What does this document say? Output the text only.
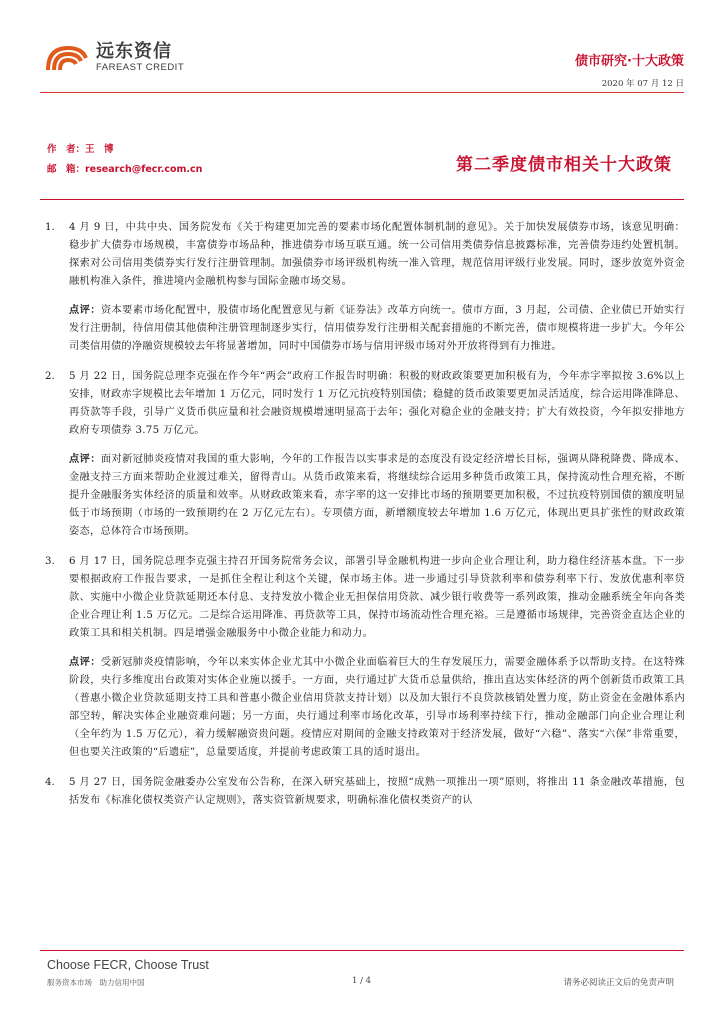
远东资信
FAREAST CREDIT	债市研究·十大政策
2020 年 07 月 12 日
作　者：王　博
邮　箱：research@fecr.com.cn	第二季度债市相关十大政策
1. 4 月 9 日，中共中央、国务院发布《关于构建更加完善的要素市场化配置体制机制的意见》。关于加快发展债券市场，该意见明确：稳步扩大债券市场规模，丰富债券市场品种，推进债券市场互联互通。统一公司信用类债券信息披露标准，完善债券违约处置机制。探索对公司信用类债券实行发行注册管理制。加强债券市场评级机构统一准入管理，规范信用评级行业发展。同时，逐步放宽外资金融机构准入条件，推进境内金融机构参与国际金融市场交易。
点评：资本要素市场化配置中，股债市场化配置意见与新《证券法》改革方向统一。债市方面，3 月起，公司债、企业债已开始实行发行注册制，待信用债其他债种注册管理制逐步实行，信用债券发行注册相关配套措施的不断完善，债市规模将进一步扩大。今年公司类信用债的净融资规模较去年将显著增加，同时中国债券市场与信用评级市场对外开放将得到有力推进。
2. 5 月 22 日，国务院总理李克强在作今年“两会”政府工作报告时明确：积极的财政政策要更加积极有为，今年赤字率拟按 3.6%以上安排，财政赤字规模比去年增加 1 万亿元，同时发行 1 万亿元抗疫特别国债；稳健的货币政策要更加灵活适度，综合运用降准降息、再贷款等手段，引导广义货币供应量和社会融资规模增速明显高于去年；强化对稳企业的金融支持；扩大有效投资，今年拟安排地方政府专项债券 3.75 万亿元。
点评：面对新冠肺炎疫情对我国的重大影响，今年的工作报告以实事求是的态度没有设定经济增长目标，强调从降税降费、降成本、金融支持三方面来帮助企业渡过难关，留得青山。从货币政策来看，将继续综合运用多种货币政策工具，保持流动性合理充裕，不断提升金融服务实体经济的质量和效率。从财政政策来看，赤字率的这一安排比市场的预期要更加积极，不过抗疫特别国债的额度明显低于市场预期（市场的一致预期约在 2 万亿元左右）。专项债方面，新增额度较去年增加 1.6 万亿元，体现出更具扩张性的财政政策姿态，总体符合市场预期。
3. 6 月 17 日，国务院总理李克强主持召开国务院常务会议，部署引导金融机构进一步向企业合理让利，助力稳住经济基本盘。下一步要根据政府工作报告要求，一是抓住全程让利这个关键，保市场主体。进一步通过引导贷款利率和债券利率下行、发放优惠利率贷款、实施中小微企业贷款延期还本付息、支持发放小微企业无担保信用贷款、减少银行收费等一系列政策，推动金融系统全年向各类企业合理让利 1.5 万亿元。二是综合运用降准、再贷款等工具，保持市场流动性合理充裕。三是遵循市场规律，完善资金直达企业的政策工具和相关机制。四是增强金融服务中小微企业能力和动力。
点评：受新冠肺炎疫情影响，今年以来实体企业尤其中小微企业面临着巨大的生存发展压力，需要金融体系予以帮助支持。在这特殊阶段，央行多维度出台政策对实体企业施以援手。一方面，央行通过扩大货币总量供给，推出直达实体经济的两个创新货币政策工具（普惠小微企业贷款延期支持工具和普惠小微企业信用贷款支持计划）以及加大银行不良贷款核销处置力度，防止资金在金融体系内部空转，解决实体企业融资难问题；另一方面，央行通过利率市场化改革，引导市场利率持续下行，推动金融部门向企业合理让利（全年约为 1.5 万亿元），着力缓解融资贵问题。疫情应对期间的金融支持政策对于经济发展，做好“六稳”、落实“六保”非常重要，但也要关注政策的“后遗症”，总量要适度，并提前考虑政策工具的适时退出。
4. 5 月 27 日，国务院金融委办公室发布公告称，在深入研究基础上，按照“成熟一项推出一项”原则，将推出 11 条金融改革措施，包括发布《标准化债权类资产认定规则》，落实资管新规要求，明确标准化债权类资产的认
Choose FECR, Choose Trust
服务资本市场　助力信用中国	1 / 4	请务必阅读正文后的免责声明
